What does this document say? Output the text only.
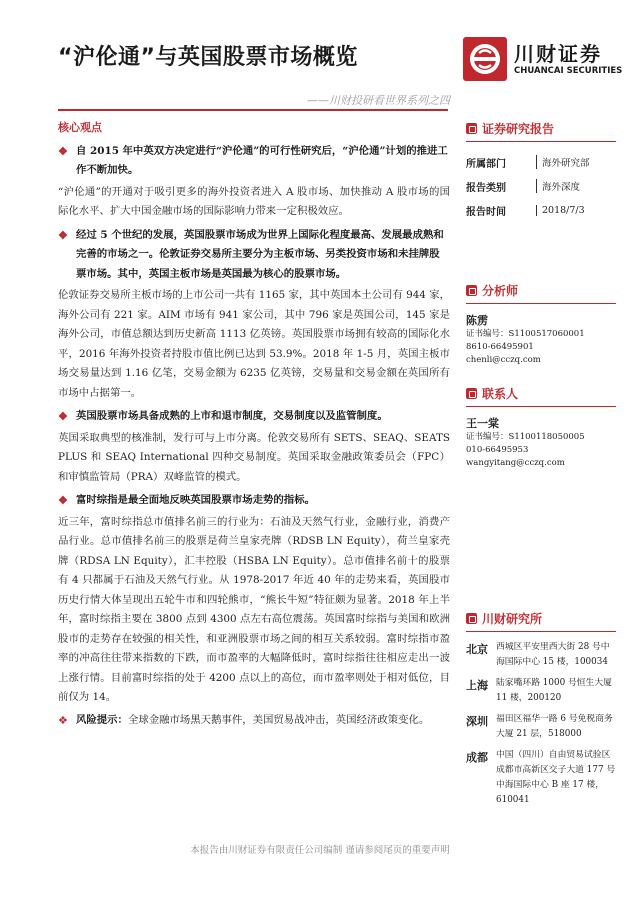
“沪伦通”与英国股票市场概览
——川财投研看世界系列之四
川财证券
CHUANCAI SECURITIES
核心观点
❖ 自 2015 年中英双方决定进行“沪伦通”的可行性研究后，“沪伦通”计划的推进工作不断加快。
“沪伦通”的开通对于吸引更多的海外投资者进入 A 股市场、加快推动 A 股市场的国际化水平、扩大中国金融市场的国际影响力带来一定积极效应。
❖ 经过 5 个世纪的发展，英国股票市场成为世界上国际化程度最高、发展最成熟和完善的市场之一。伦敦证券交易所主要分为主板市场、另类投资市场和未挂牌股票市场。其中，英国主板市场是英国最为核心的股票市场。
伦敦证券交易所主板市场的上市公司一共有 1165 家，其中英国本土公司有 944 家，海外公司有 221 家。AIM 市场有 941 家公司，其中 796 家是英国公司，145 家是海外公司，市值总额达到历史新高 1113 亿英镑。英国股票市场拥有较高的国际化水平，2016 年海外投资者持股市值比例已达到 53.9%。2018 年 1-5 月，英国主板市场交易量达到 1.16 亿笔，交易金额为 6235 亿英镑，交易量和交易金额在英国所有市场中占据第一。
❖ 英国股票市场具备成熟的上市和退市制度，交易制度以及监管制度。
英国采取典型的核准制，发行可与上市分离。伦敦交易所有 SETS、SEAQ、SEATS PLUS 和 SEAQ International 四种交易制度。英国采取金融政策委员会（FPC）和审慎监管局（PRA）双峰监管的模式。
❖ 富时综指是最全面地反映英国股票市场走势的指标。
近三年，富时综指总市值排名前三的行业为：石油及天然气行业，金融行业，消费产品行业。总市值排名前三的股票是荷兰皇家壳牌（RDSB LN Equity），荷兰皇家壳牌（RDSA LN Equity），汇丰控股（HSBA LN Equity）。总市值排名前十的股票有 4 只都属于石油及天然气行业。从 1978-2017 年近 40 年的走势来看，英国股市历史行情大体呈现出五轮牛市和四轮熊市，“熊长牛短”特征颇为显著。2018 年上半年，富时综指主要在 3800 点到 4300 点左右高位震荡。英国富时综指与美国和欧洲股市的走势存在较强的相关性，和亚洲股票市场之间的相互关系较弱。富时综指市盈率的冲高往往带来指数的下跌，而市盈率的大幅降低时，富时综指往往相应走出一波上涨行情。目前富时综指的处于 4200 点以上的高位，而市盈率则处于相对低位，目前仅为 14。
❖ 风险提示：全球金融市场黑天鹅事件，美国贸易战冲击，英国经济政策变化。
证券研究报告
所属部门	海外研究部
报告类别	海外深度
报告时间	2018/7/3
分析师
陈雳
证书编号：S1100517060001
8610-66495901
chenli@cczq.com
联系人
王一棠
证书编号：S1100118050005
010-66495953
wangyitang@cczq.com
川财研究所
北京 西城区平安里西大街 28 号中海国际中心 15 楼，100034
上海 陆家嘴环路 1000 号恒生大厦 11 楼，200120
深圳 福田区福华一路 6 号免税商务大厦 21 层，518000
成都 中国（四川）自由贸易试验区成都市高新区交子大道 177 号中海国际中心 B 座 17 楼，610041
本报告由川财证券有限责任公司编制 谨请参阅尾页的重要声明
